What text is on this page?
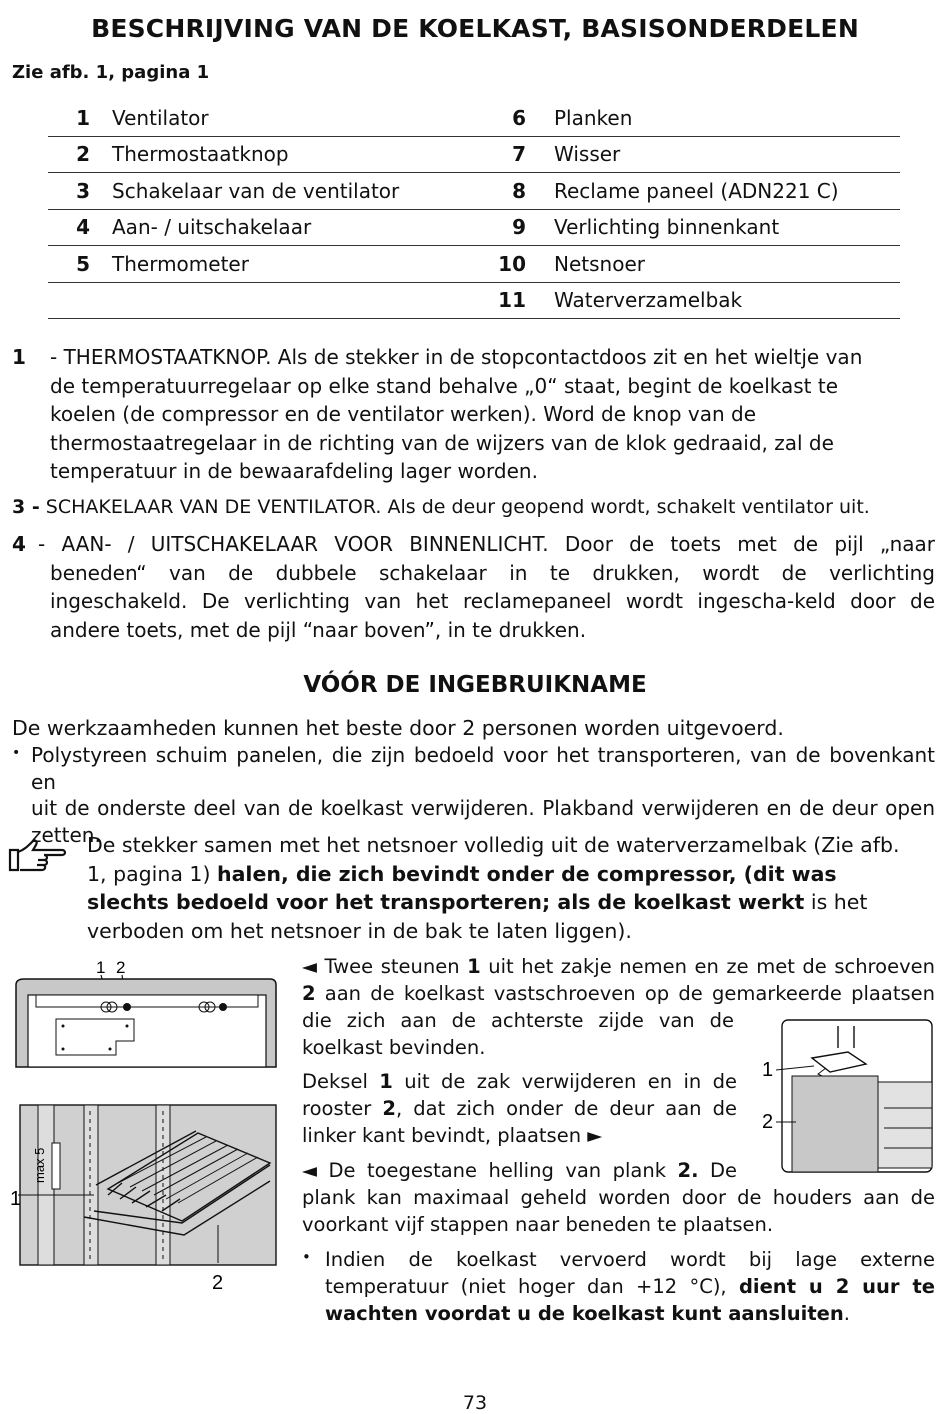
BESCHRIJVING VAN DE KOELKAST, BASISONDERDELEN
Zie afb. 1, pagina 1
1	Ventilator	6	Planken
2	Thermostaatknop	7	Wisser
3	Schakelaar van de ventilator	8	Reclame paneel (ADN221 C)
4	Aan- / uitschakelaar	9	Verlichting binnenkant
5	Thermometer	10	Netsnoer
		11	Waterverzamelbak
1 - THERMOSTAATKNOP. Als de stekker in de stopcontactdoos zit en het wieltje van
de temperatuurregelaar op elke stand behalve „0“ staat, begint de koelkast te
koelen (de compressor en de ventilator werken). Word de knop van de
thermostaatregelaar in de richting van de wijzers van de klok gedraaid, zal de
temperatuur in de bewaarafdeling lager worden.
3 - SCHAKELAAR VAN DE VENTILATOR. Als de deur geopend wordt, schakelt ventilator uit.
4 - AAN- / UITSCHAKELAAR VOOR BINNENLICHT. Door de toets met de pijl „naar
beneden“ van de dubbele schakelaar in te drukken, wordt de verlichting
ingeschakeld. De verlichting van het reclamepaneel wordt ingescha-keld door de
andere toets, met de pijl “naar boven”, in te drukken.
VÓÓR DE INGEBRUIKNAME
De werkzaamheden kunnen het beste door 2 personen worden uitgevoerd.
• Polystyreen schuim panelen, die zijn bedoeld voor het transporteren, van de bovenkant en
uit de onderste deel van de koelkast verwijderen. Plakband verwijderen en de deur open
zetten.
De stekker samen met het netsnoer volledig uit de waterverzamelbak (Zie afb.
1, pagina 1) halen, die zich bevindt onder de compressor, (dit was
slechts bedoeld voor het transporteren; als de koelkast werkt is het
verboden om het netsnoer in de bak te laten liggen).
1 2
max 5
1
2
1
2
◄ Twee steunen 1 uit het zakje nemen en ze met de schroeven
2 aan de koelkast vastschroeven op de gemarkeerde plaatsen
die zich aan de achterste zijde van de
koelkast bevinden.
Deksel 1 uit de zak verwijderen en in de
rooster 2, dat zich onder de deur aan de
linker kant bevindt, plaatsen ►
◄ De toegestane helling van plank 2. De
plank kan maximaal geheld worden door de houders aan de
voorkant vijf stappen naar beneden te plaatsen.
• Indien de koelkast vervoerd wordt bij lage externe
temperatuur (niet hoger dan +12 °C), dient u 2 uur te
wachten voordat u de koelkast kunt aansluiten.
73
